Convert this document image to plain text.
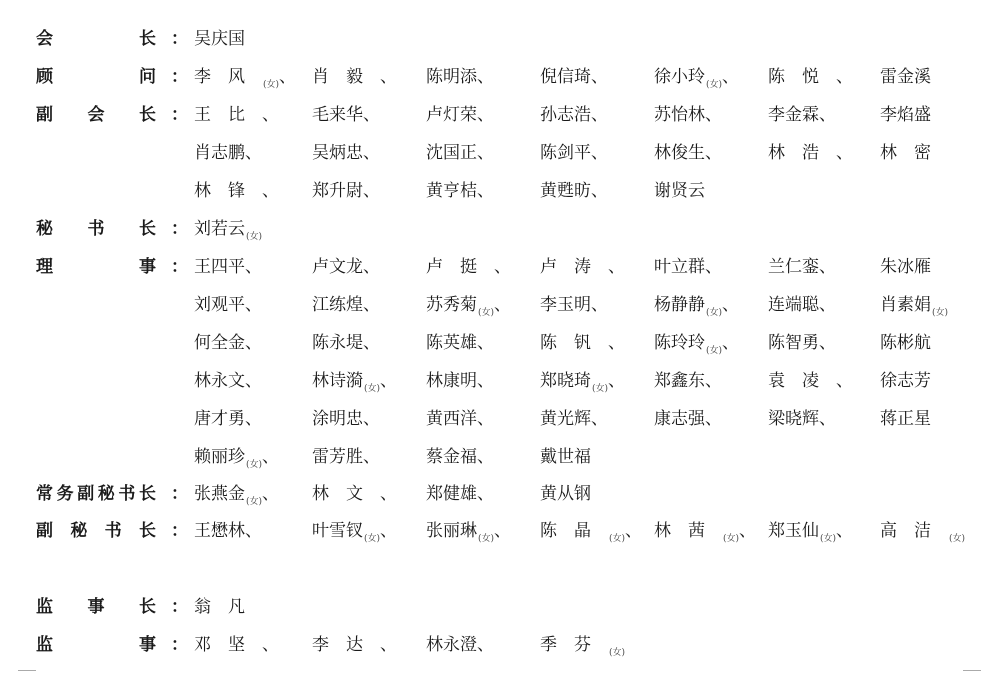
会长 ： 吴庆国
顾问 ： 李风$_{(女)}$、 肖毅、 陈明添、	倪信琦、	徐小玲$_{(女)}$、 陈悦、 雷金溪
副会长 ： 王比、 毛来华、	卢灯荣、	孙志浩、	苏怡林、	李金霖、	李焰盛
肖志鹏、	吴炳忠、	沈国正、	陈剑平、	林俊生、	林浩、 林密
林锋、 郑升尉、	黄亨桔、	黄甦昉、	谢贤云
秘书长 ： 刘若云$_{(女)}$
理事 ： 王四平、	卢文龙、	卢挺、 卢涛、 叶立群、	兰仁銮、	朱冰雁
刘观平、	江练煌、	苏秀菊$_{(女)}$、 李玉明、	杨静静$_{(女)}$、 连端聪、	肖素娟$_{(女)}$
何全金、	陈永堤、	陈英雄、	陈钒、 陈玲玲$_{(女)}$、 陈智勇、	陈彬航
林永文、	林诗漪$_{(女)}$、 林康明、	郑晓琦$_{(女)}$、 郑鑫东、	袁凌、 徐志芳
唐才勇、	涂明忠、	黄西洋、	黄光辉、	康志强、	梁晓辉、	蒋正星
赖丽珍$_{(女)}$、 雷芳胜、	蔡金福、	戴世福
常务副秘书长 ： 张燕金$_{(女)}$、 林文、 郑健雄、	黄从钢
副秘书长 ： 王懋林、	叶雪钗$_{(女)}$、 张丽琳$_{(女)}$、 陈晶$_{(女)}$、 林茜$_{(女)}$、 郑玉仙$_{(女)}$、 高洁$_{(女)}$
监事长 ： 翁凡
监事 ： 邓坚、 李达、 林永澄、	季芬$_{(女)}$
